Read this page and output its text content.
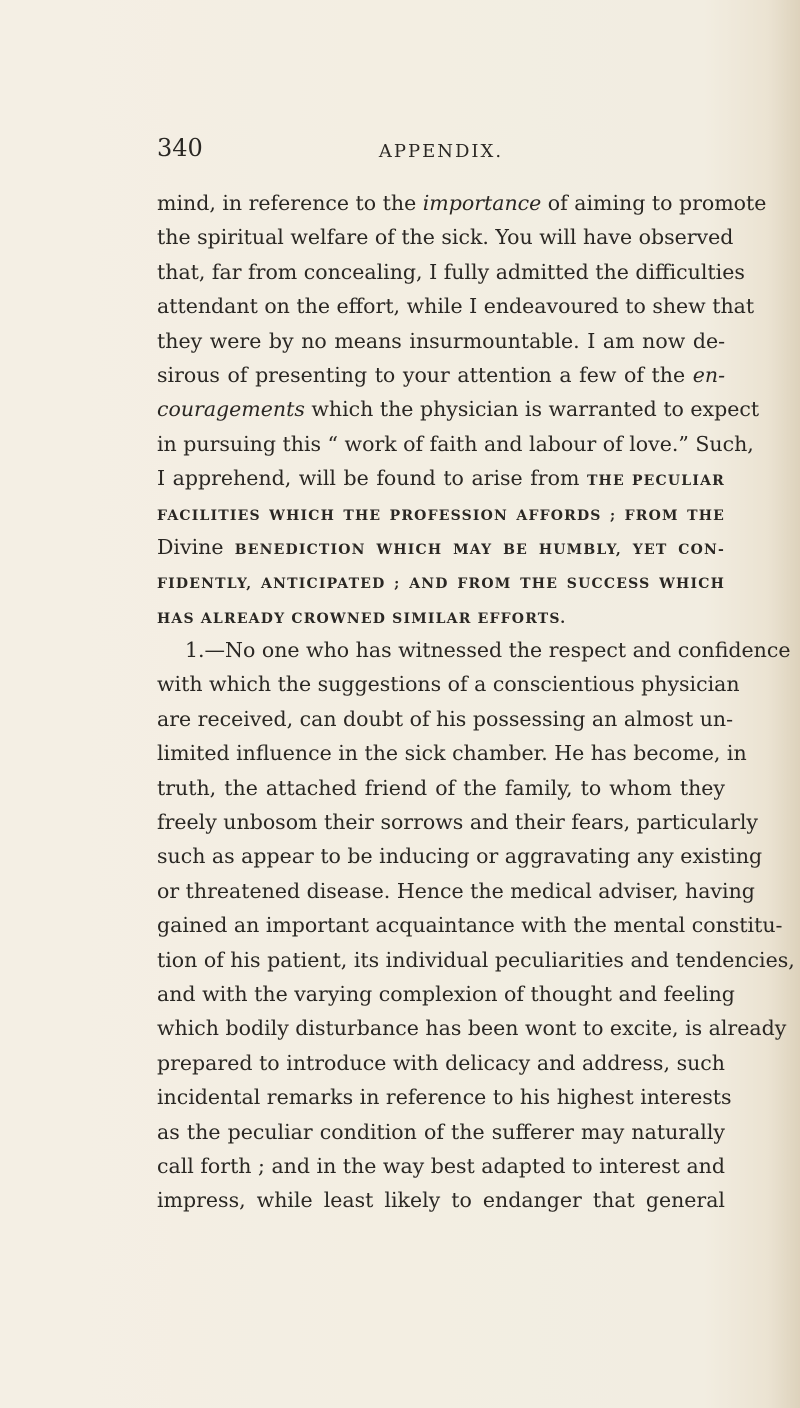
340	APPENDIX.
mind, in reference to the importance of aiming to promote
the spiritual welfare of the sick. You will have observed
that, far from concealing, I fully admitted the difficulties
attendant on the effort, while I endeavoured to shew that
they were by no means insurmountable. I am now de-
sirous of presenting to your attention a few of the en-
couragements which the physician is warranted to expect
in pursuing this “ work of faith and labour of love.” Such,
I apprehend, will be found to arise from THE PECULIAR
FACILITIES WHICH THE PROFESSION AFFORDS ; FROM THE
Divine BENEDICTION WHICH MAY BE HUMBLY, YET CON-
FIDENTLY, ANTICIPATED ; AND FROM THE SUCCESS WHICH
HAS ALREADY CROWNED SIMILAR EFFORTS.
1.—No one who has witnessed the respect and confidence
with which the suggestions of a conscientious physician
are received, can doubt of his possessing an almost un-
limited influence in the sick chamber. He has become, in
truth, the attached friend of the family, to whom they
freely unbosom their sorrows and their fears, particularly
such as appear to be inducing or aggravating any existing
or threatened disease. Hence the medical adviser, having
gained an important acquaintance with the mental constitu-
tion of his patient, its individual peculiarities and tendencies,
and with the varying complexion of thought and feeling
which bodily disturbance has been wont to excite, is already
prepared to introduce with delicacy and address, such
incidental remarks in reference to his highest interests
as the peculiar condition of the sufferer may naturally
call forth ; and in the way best adapted to interest and
impress, while least likely to endanger that general
